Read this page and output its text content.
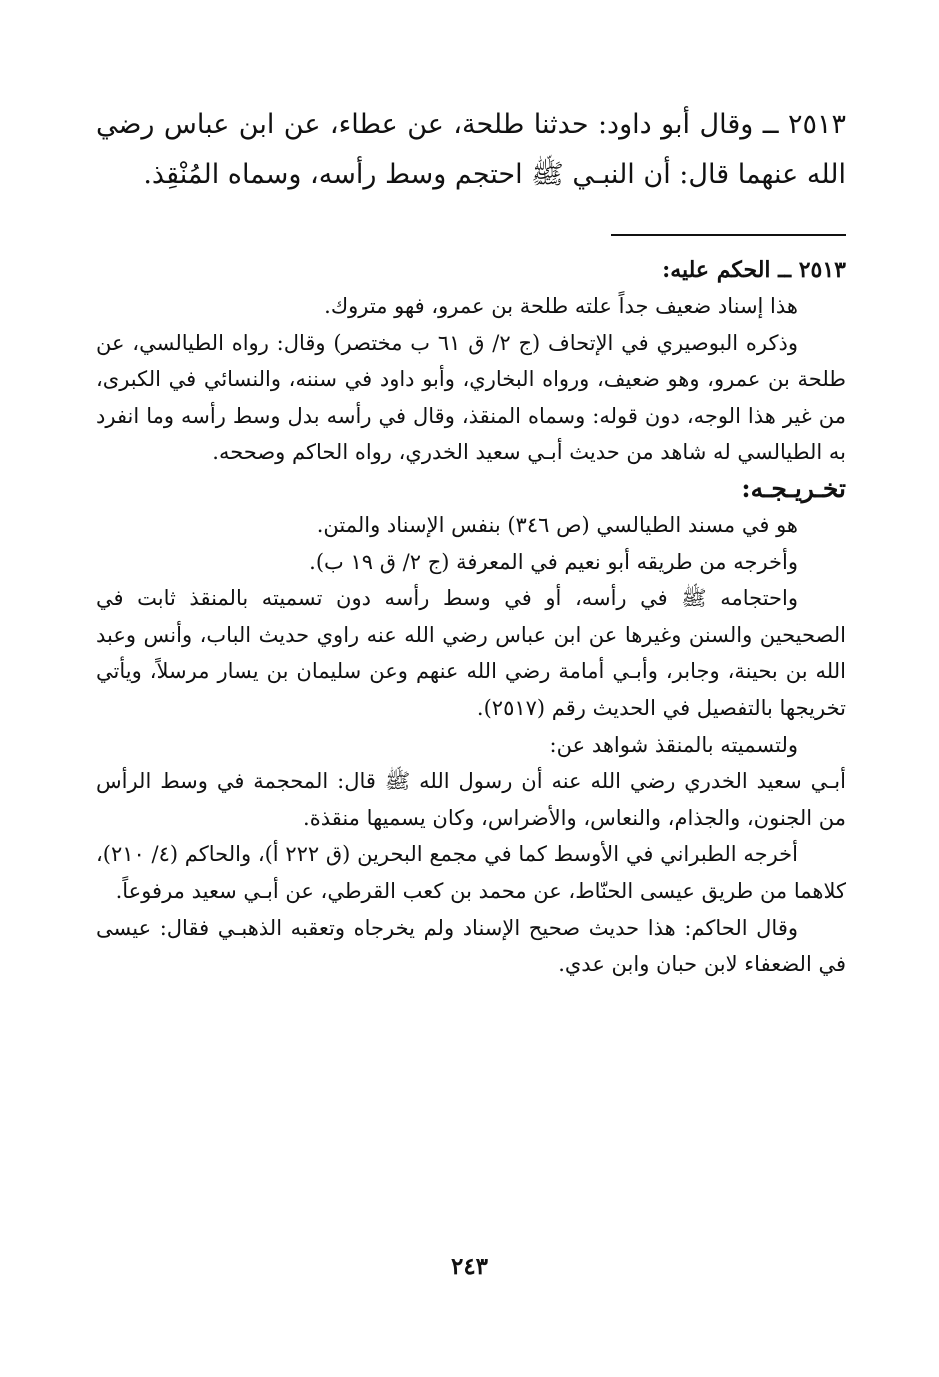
٢٥١٣ ــ وقال أبو داود: حدثنا طلحة، عن عطاء، عن ابن عباس رضي الله عنهما قال: أن النبـي ﷺ احتجم وسط رأسه، وسماه المُنْقِذ.

٢٥١٣ ــ الحكم عليه:

هذا إسناد ضعيف جداً علته طلحة بن عمرو، فهو متروك.

وذكره البوصيري في الإتحاف (ج ٢/ ق ٦١ ب مختصر) وقال: رواه الطيالسي، عن طلحة بن عمرو، وهو ضعيف، ورواه البخاري، وأبو داود في سننه، والنسائي في الكبرى، من غير هذا الوجه، دون قوله: وسماه المنقذ، وقال في رأسه بدل وسط رأسه وما انفرد به الطيالسي له شاهد من حديث أبـي سعيد الخدري، رواه الحاكم وصححه.

تخـريـجـه:

هو في مسند الطيالسي (ص ٣٤٦) بنفس الإسناد والمتن.

وأخرجه من طريقه أبو نعيم في المعرفة (ج ٢/ ق ١٩ ب).

واحتجامه ﷺ في رأسه، أو في وسط رأسه دون تسميته بالمنقذ ثابت في الصحيحين والسنن وغيرها عن ابن عباس رضي الله عنه راوي حديث الباب، وأنس وعبد الله بن بحينة، وجابر، وأبـي أمامة رضي الله عنهم وعن سليمان بن يسار مرسلاً، ويأتي تخريجها بالتفصيل في الحديث رقم (٢٥١٧).

ولتسميته بالمنقذ شواهد عن:

أبـي سعيد الخدري رضي الله عنه أن رسول الله ﷺ قال: المحجمة في وسط الرأس من الجنون، والجذام، والنعاس، والأضراس، وكان يسميها منقذة.

أخرجه الطبراني في الأوسط كما في مجمع البحرين (ق ٢٢٢ أ)، والحاكم (٤/ ٢١٠)، كلاهما من طريق عيسى الحنّاط، عن محمد بن كعب القرطي، عن أبـي سعيد مرفوعاً.

وقال الحاكم: هذا حديث صحيح الإسناد ولم يخرجاه وتعقبه الذهبـي فقال: عيسى في الضعفاء لابن حبان وابن عدي.

٢٤٣
